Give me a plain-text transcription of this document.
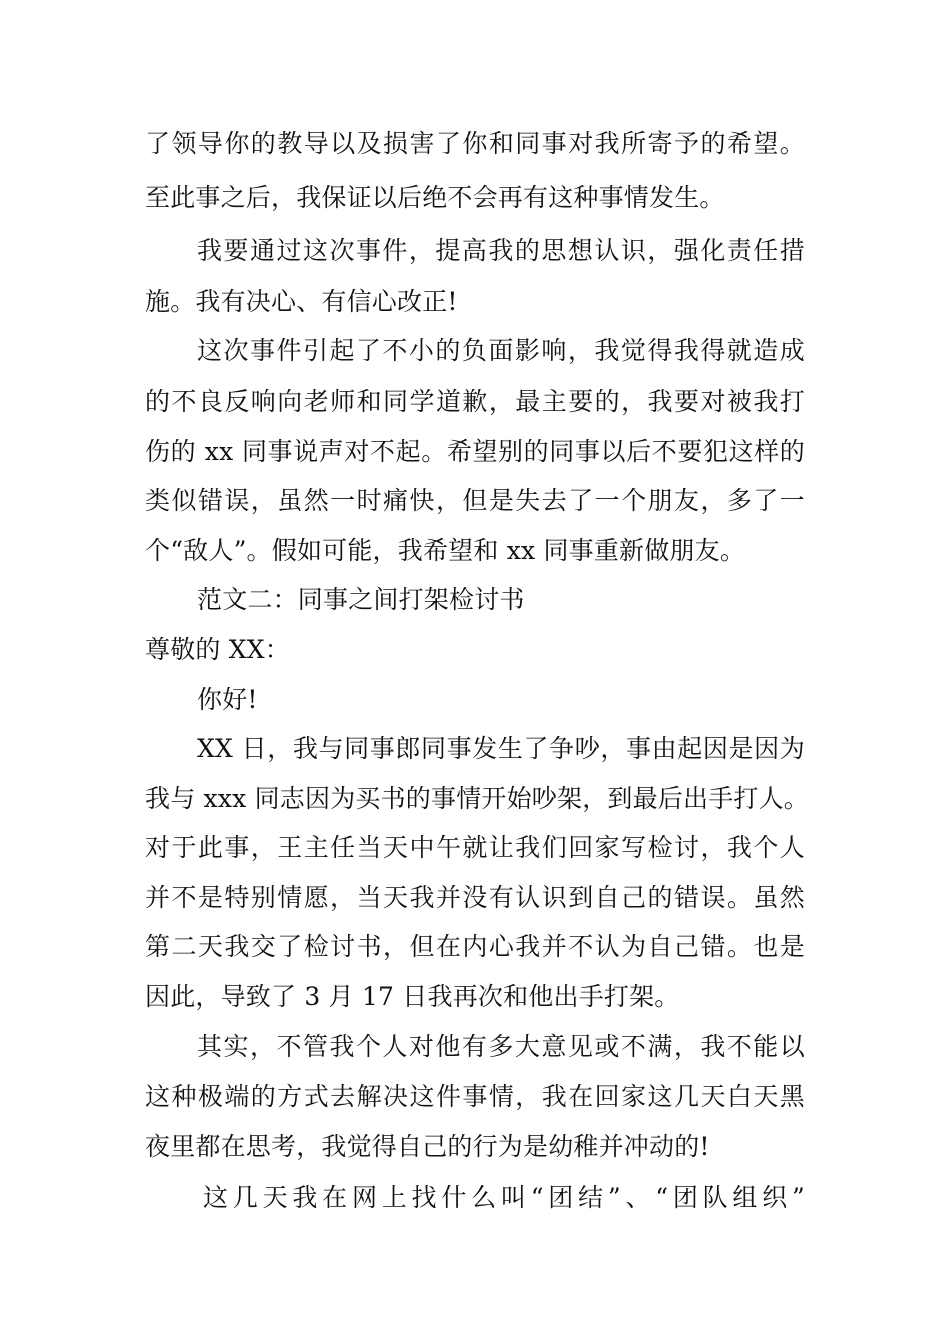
了领导你的教导以及损害了你和同事对我所寄予的希望。
至此事之后，我保证以后绝不会再有这种事情发生。
我要通过这次事件，提高我的思想认识，强化责任措
施。我有决心、有信心改正!
这次事件引起了不小的负面影响，我觉得我得就造成
的不良反响向老师和同学道歉，最主要的，我要对被我打
伤的 xx 同事说声对不起。希望别的同事以后不要犯这样的
类似错误，虽然一时痛快，但是失去了一个朋友，多了一
个“敌人”。假如可能，我希望和 xx 同事重新做朋友。
范文二：同事之间打架检讨书
尊敬的 XX：
你好!
XX 日，我与同事郎同事发生了争吵，事由起因是因为
我与 xxx 同志因为买书的事情开始吵架，到最后出手打人。
对于此事，王主任当天中午就让我们回家写检讨，我个人
并不是特别情愿，当天我并没有认识到自己的错误。虽然
第二天我交了检讨书，但在内心我并不认为自己错。也是
因此，导致了 3 月 17 日我再次和他出手打架。
其实，不管我个人对他有多大意见或不满，我不能以
这种极端的方式去解决这件事情，我在回家这几天白天黑
夜里都在思考，我觉得自己的行为是幼稚并冲动的!
这几天我在网上找什么叫“团结”、“团队组织”
